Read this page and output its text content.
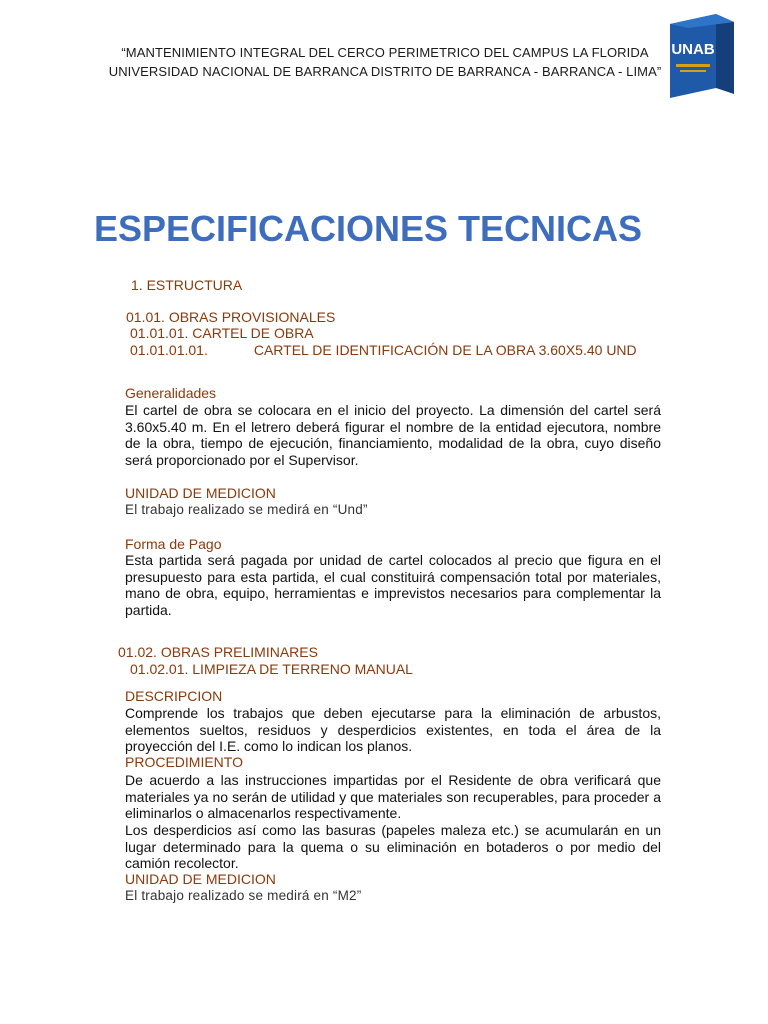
“MANTENIMIENTO INTEGRAL DEL CERCO PERIMETRICO DEL CAMPUS LA FLORIDA
UNIVERSIDAD NACIONAL DE BARRANCA DISTRITO DE BARRANCA - BARRANCA - LIMA”
UNAB
ESPECIFICACIONES TECNICAS
1. ESTRUCTURA
01.01. OBRAS PROVISIONALES
01.01.01. CARTEL DE OBRA
01.01.01.01.	CARTEL DE IDENTIFICACIÓN DE LA OBRA 3.60X5.40 UND
Generalidades
El cartel de obra se colocara en el inicio del proyecto. La dimensión del cartel será 3.60x5.40 m. En el letrero deberá figurar el nombre de la entidad ejecutora, nombre de la obra, tiempo de ejecución, financiamiento, modalidad de la obra, cuyo diseño será proporcionado por el Supervisor.
UNIDAD DE MEDICION
El trabajo realizado se medirá en “Und”
Forma de Pago
Esta partida será pagada por unidad de cartel colocados al precio que figura en el presupuesto para esta partida, el cual constituirá compensación total por materiales, mano de obra, equipo, herramientas e imprevistos necesarios para complementar la partida.
01.02. OBRAS PRELIMINARES
01.02.01. LIMPIEZA DE TERRENO MANUAL
DESCRIPCION
Comprende los trabajos que deben ejecutarse para la eliminación de arbustos, elementos sueltos, residuos y desperdicios existentes, en toda el área de la proyección del I.E. como lo indican los planos.
PROCEDIMIENTO
De acuerdo a las instrucciones impartidas por el Residente de obra verificará que materiales ya no serán de utilidad y que materiales son recuperables, para proceder a eliminarlos o almacenarlos respectivamente.
Los desperdicios así como las basuras (papeles maleza etc.) se acumularán en un lugar determinado para la quema o su eliminación en botaderos o por medio del camión recolector.
UNIDAD DE MEDICION
El trabajo realizado se medirá en “M2”
